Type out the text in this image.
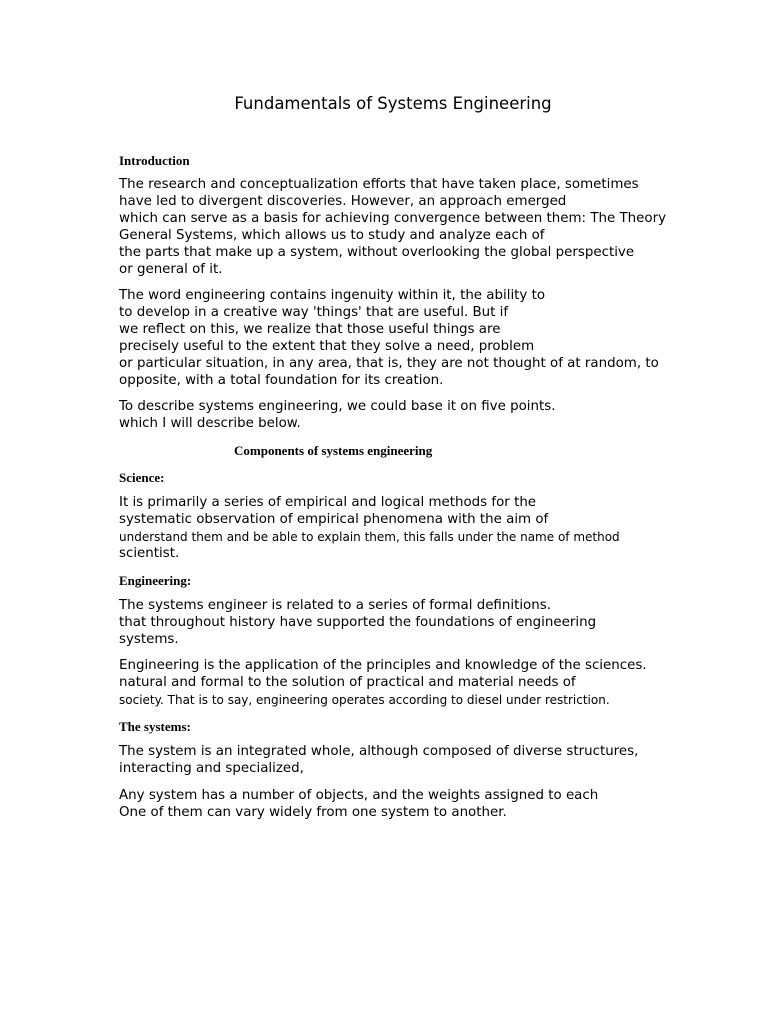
Fundamentals of Systems Engineering
Introduction

The research and conceptualization efforts that have taken place, sometimes
have led to divergent discoveries. However, an approach emerged
which can serve as a basis for achieving convergence between them: The Theory
General Systems, which allows us to study and analyze each of
the parts that make up a system, without overlooking the global perspective
or general of it.

The word engineering contains ingenuity within it, the ability to
to develop in a creative way 'things' that are useful. But if
we reflect on this, we realize that those useful things are
precisely useful to the extent that they solve a need, problem
or particular situation, in any area, that is, they are not thought of at random, to
opposite, with a total foundation for its creation.

To describe systems engineering, we could base it on five points.
which I will describe below.

Components of systems engineering
Science:

It is primarily a series of empirical and logical methods for the
systematic observation of empirical phenomena with the aim of
understand them and be able to explain them, this falls under the name of method
scientist.

Engineering:

The systems engineer is related to a series of formal definitions.
that throughout history have supported the foundations of engineering
systems.

Engineering is the application of the principles and knowledge of the sciences.
natural and formal to the solution of practical and material needs of
society. That is to say, engineering operates according to diesel under restriction.

The systems:

The system is an integrated whole, although composed of diverse structures,
interacting and specialized,

Any system has a number of objects, and the weights assigned to each
One of them can vary widely from one system to another.
